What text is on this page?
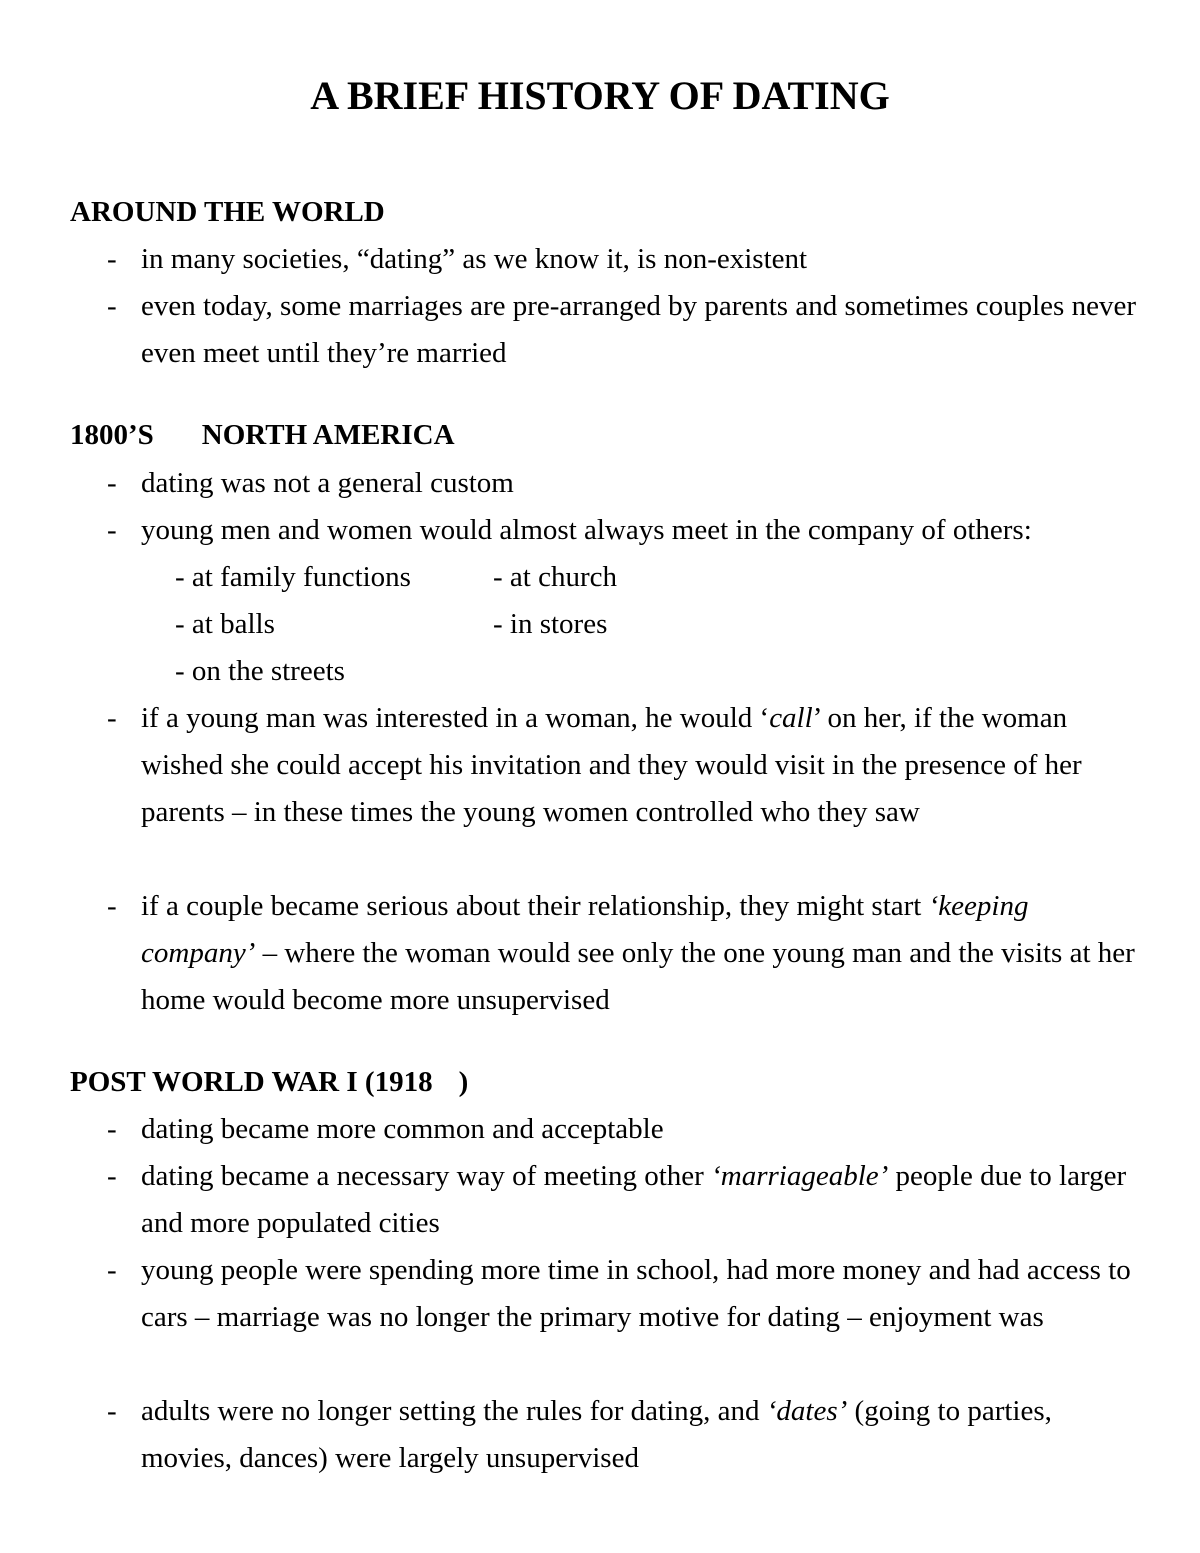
A BRIEF HISTORY OF DATING
AROUND THE WORLD
- in many societies, “dating” as we know it, is non-existent
- even today, some marriages are pre-arranged by parents and sometimes couples never even meet until they’re married
1800’S NORTH AMERICA
- dating was not a general custom
- young men and women would almost always meet in the company of others:
- at family functions	- at church
- at balls	- in stores
- on the streets
- if a young man was interested in a woman, he would ‘call’ on her, if the woman wished she could accept his invitation and they would visit in the presence of her parents – in these times the young women controlled who they saw
- if a couple became serious about their relationship, they might start ‘keeping company’ – where the woman would see only the one young man and the visits at her home would become more unsupervised
POST WORLD WAR I (1918 )
- dating became more common and acceptable
- dating became a necessary way of meeting other ‘marriageable’ people due to larger and more populated cities
- young people were spending more time in school, had more money and had access to cars – marriage was no longer the primary motive for dating – enjoyment was
- adults were no longer setting the rules for dating, and ‘dates’ (going to parties, movies, dances) were largely unsupervised
